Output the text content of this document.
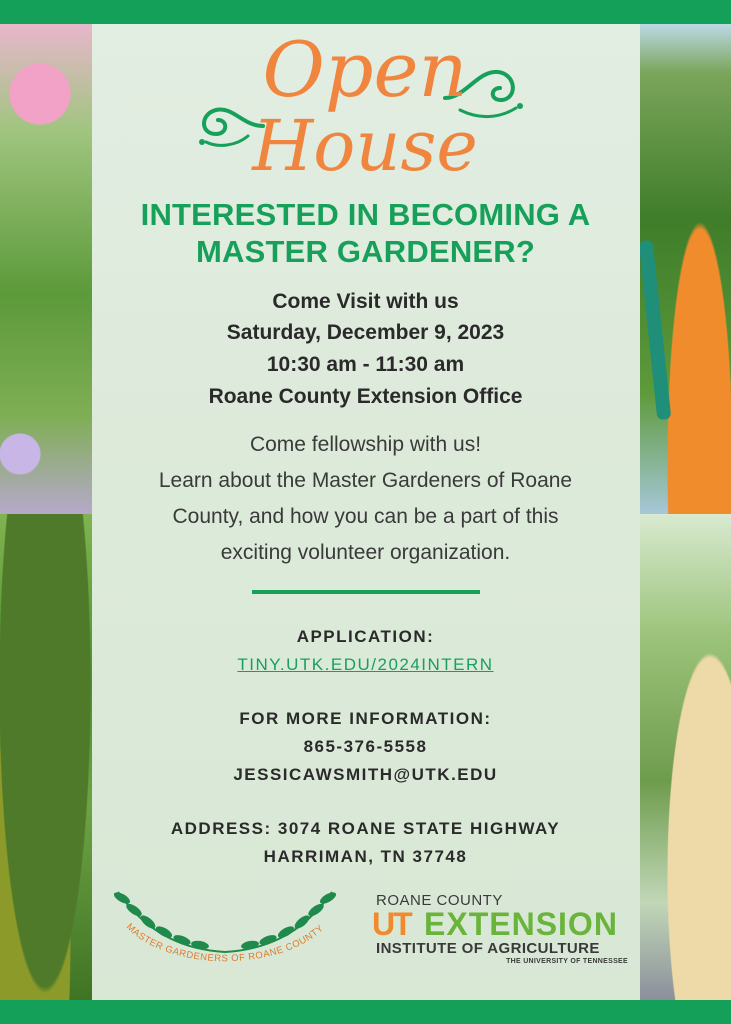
Open
House
INTERESTED IN BECOMING A
MASTER GARDENER?
Come Visit with us
Saturday, December 9, 2023
10:30 am - 11:30 am
Roane County Extension Office
Come fellowship with us!
Learn about the Master Gardeners of Roane
County, and how you can be a part of this
exciting volunteer organization.
APPLICATION:
TINY.UTK.EDU/2024INTERN
FOR MORE INFORMATION:
865-376-5558
JESSICAWSMITH@UTK.EDU
ADDRESS: 3074 ROANE STATE HIGHWAY
HARRIMAN, TN 37748
MASTER GARDENERS OF ROANE COUNTY
ROANE COUNTY
UT EXTENSION
INSTITUTE OF AGRICULTURE
THE UNIVERSITY OF TENNESSEE
